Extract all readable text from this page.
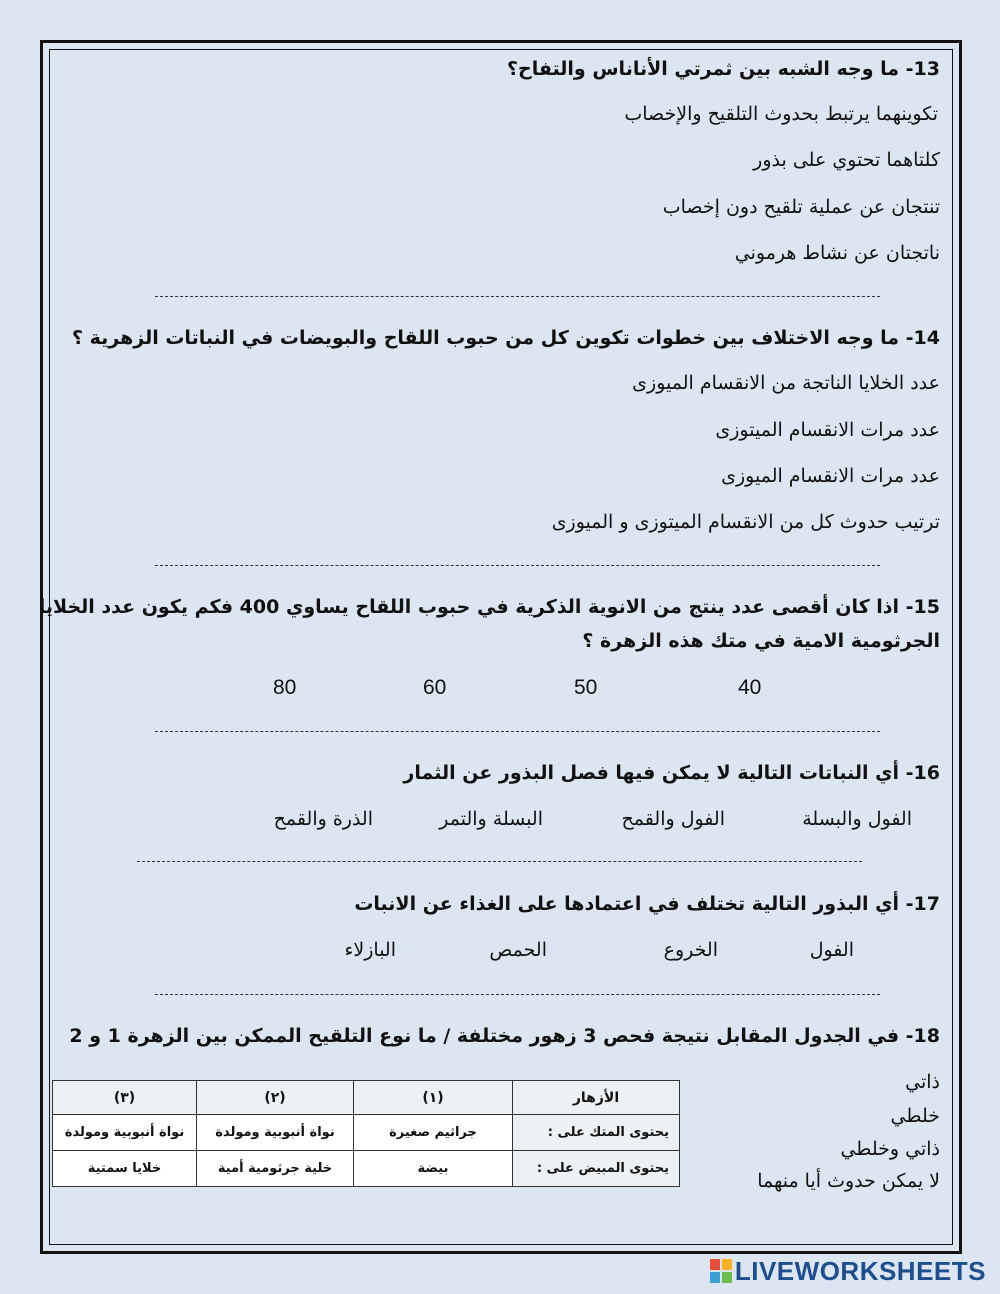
13- ما وجه الشبه بين ثمرتي الأناناس والتفاح؟
تكوينهما يرتبط بحدوث التلقيح والإخصاب
كلتاهما تحتوي على بذور
تنتجان عن عملية تلقيح دون إخصاب
ناتجتان عن نشاط هرموني
14- ما وجه الاختلاف بين خطوات تكوين كل من حبوب اللقاح والبويضات في النباتات الزهرية ؟
عدد الخلايا الناتجة من الانقسام الميوزى
عدد مرات الانقسام الميتوزى
عدد مرات الانقسام الميوزى
ترتيب حدوث كل من الانقسام الميتوزى و الميوزى
15- اذا كان أقصى عدد ينتج من الانوية الذكرية في حبوب اللقاح يساوي 400 فكم يكون عدد الخلايا
الجرثومية الامية في متك هذه الزهرة ؟
40
50
60
80
16- أي النباتات التالية لا يمكن فيها فصل البذور عن الثمار
الفول والبسلة
الفول والقمح
البسلة والتمر
الذرة والقمح
17- أي البذور التالية تختلف في اعتمادها على الغذاء عن الانبات
الفول
الخروع
الحمص
البازلاء
18- في الجدول المقابل نتيجة فحص 3 زهور مختلفة / ما نوع التلقيح الممكن بين الزهرة 1 و 2
الأزهار	(١)	(٢)	(٣)
يحتوى المتك على :	جراثيم صغيرة	نواة أنبوبية ومولدة	نواة أنبوبية ومولدة
يحتوى المبيض على :	بيضة	خلية جرثومية أمية	خلايا سمتية
ذاتي
خلطي
ذاتي وخلطي
لا يمكن حدوث أيا منهما
LIVEWORKSHEETS
